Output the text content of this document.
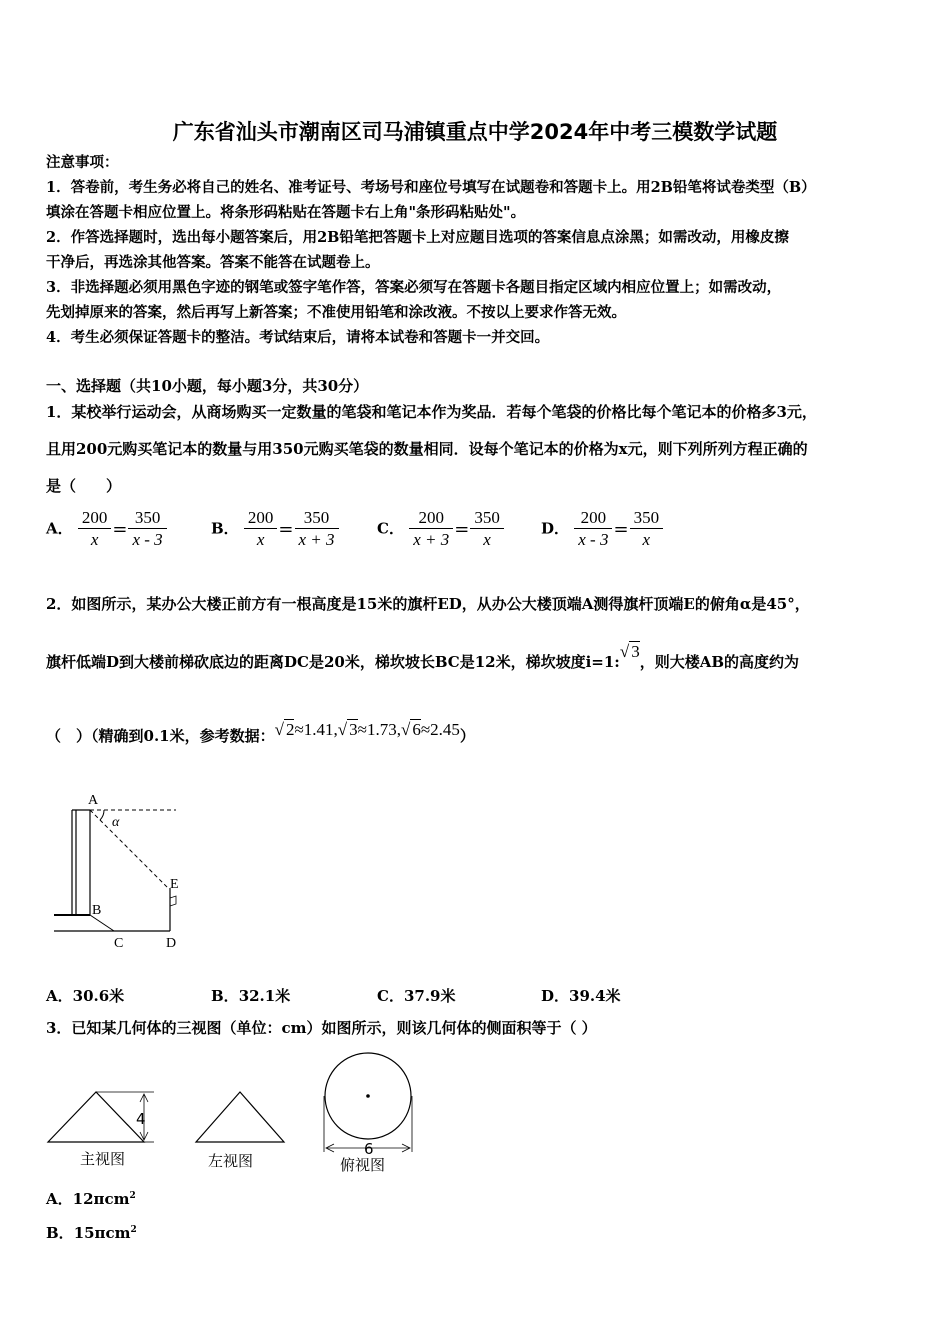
广东省汕头市潮南区司马浦镇重点中学2024年中考三模数学试题
注意事项：
1．答卷前，考生务必将自己的姓名、准考证号、考场号和座位号填写在试题卷和答题卡上。用2B铅笔将试卷类型（B）
填涂在答题卡相应位置上。将条形码粘贴在答题卡右上角"条形码粘贴处"。
2．作答选择题时，选出每小题答案后，用2B铅笔把答题卡上对应题目选项的答案信息点涂黑；如需改动，用橡皮擦
干净后，再选涂其他答案。答案不能答在试题卷上。
3．非选择题必须用黑色字迹的钢笔或签字笔作答，答案必须写在答题卡各题目指定区域内相应位置上；如需改动，
先划掉原来的答案，然后再写上新答案；不准使用铅笔和涂改液。不按以上要求作答无效。
4．考生必须保证答题卡的整洁。考试结束后，请将本试卷和答题卡一并交回。
一、选择题（共10小题，每小题3分，共30分）
1．某校举行运动会，从商场购买一定数量的笔袋和笔记本作为奖品．若每个笔袋的价格比每个笔记本的价格多3元，
且用200元购买笔记本的数量与用350元购买笔袋的数量相同．设每个笔记本的价格为x元，则下列所列方程正确的
是（　　）
A． $\frac{200}{x} = \frac{350}{x - 3}$	B． $\frac{200}{x} = \frac{350}{x + 3}$	C． $\frac{200}{x + 3} = \frac{350}{x}$ D． $\frac{200}{x - 3} = \frac{350}{x}$
2．如图所示，某办公大楼正前方有一根高度是15米的旗杆ED，从办公大楼顶端A测得旗杆顶端E的俯角α是45°，
旗杆低端D到大楼前梯砍底边的距离DC是20米，梯坎坡长BC是12米，梯坎坡度i=1:√ 3，则大楼AB的高度约为
（　）（精确到0.1米，参考数据：√ 2≈1.41,√ 3≈1.73,√ 6≈2.45）
A
α
E
B
C	D
A．30.6米	B．32.1米	C．37.9米	D．39.4米
3．已知某几何体的三视图（单位：cm）如图所示，则该几何体的侧面积等于（ ）
4
主视图	左视图
6
俯视图
A．12πcm$^2$
B．15πcm$^2$
